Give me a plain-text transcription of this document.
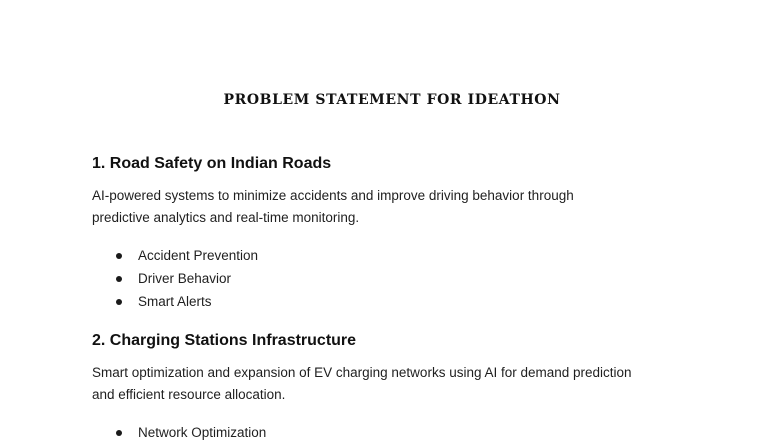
PROBLEM STATEMENT FOR IDEATHON
1. Road Safety on Indian Roads

AI-powered systems to minimize accidents and improve driving behavior through
predictive analytics and real-time monitoring.

Accident Prevention
Driver Behavior
Smart Alerts
2. Charging Stations Infrastructure

Smart optimization and expansion of EV charging networks using AI for demand prediction
and efficient resource allocation.

Network Optimization
